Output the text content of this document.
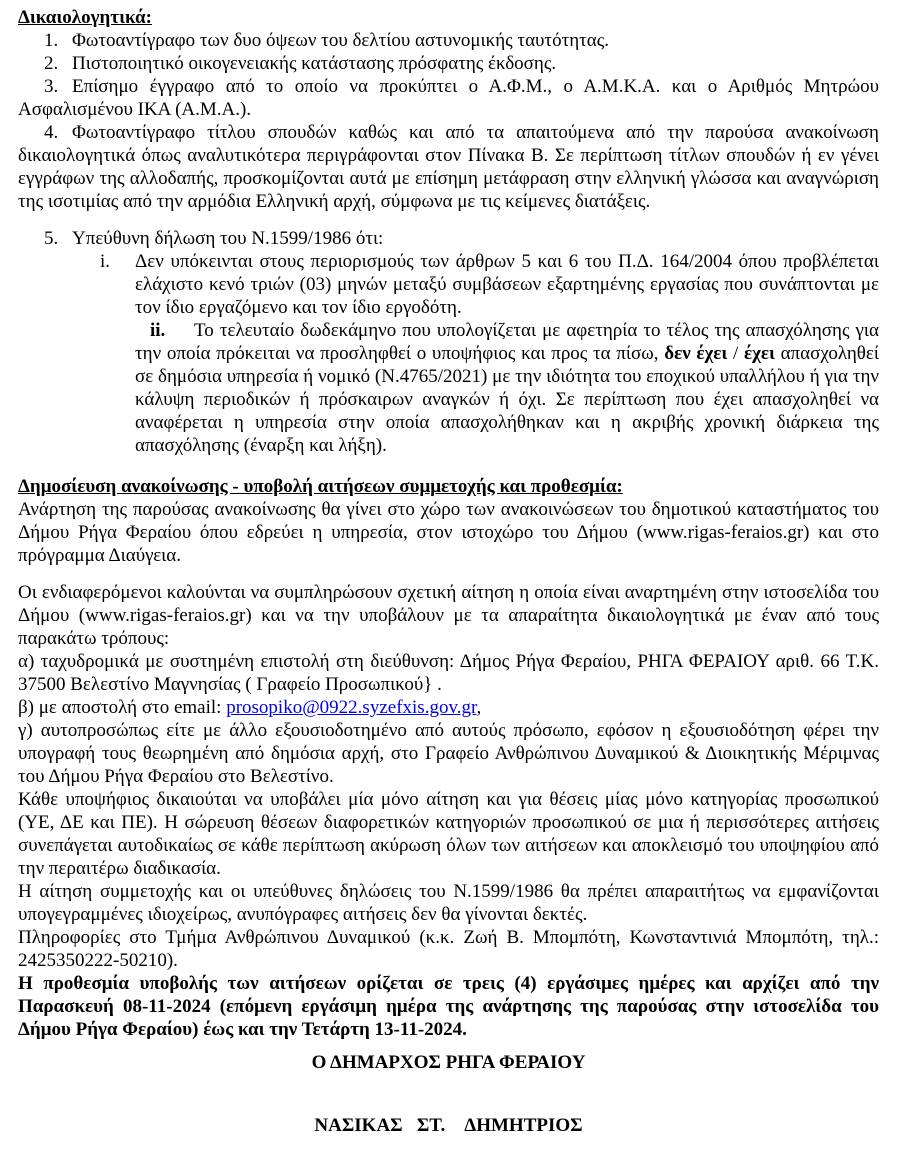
Δικαιολογητικά:

1. Φωτοαντίγραφο των δυο όψεων του δελτίου αστυνομικής ταυτότητας.

2. Πιστοποιητικό οικογενειακής κατάστασης πρόσφατης έκδοσης.

3. Επίσημο έγγραφο από το οποίο να προκύπτει ο Α.Φ.Μ., ο Α.Μ.Κ.Α. και ο Αριθμός Μητρώου Ασφαλισμένου ΙΚΑ (Α.Μ.Α.).

4. Φωτοαντίγραφο τίτλου σπουδών καθώς και από τα απαιτούμενα από την παρούσα ανακοίνωση δικαιολογητικά όπως αναλυτικότερα περιγράφονται στον Πίνακα Β. Σε περίπτωση τίτλων σπουδών ή εν γένει εγγράφων της αλλοδαπής, προσκομίζονται αυτά με επίσημη μετάφραση στην ελληνική γλώσσα και αναγνώριση της ισοτιμίας από την αρμόδια Ελληνική αρχή, σύμφωνα με τις κείμενες διατάξεις.

5. Υπεύθυνη δήλωση του Ν.1599/1986 ότι:

i. Δεν υπόκεινται στους περιορισμούς των άρθρων 5 και 6 του Π.Δ. 164/2004 όπου προβλέπεται ελάχιστο κενό τριών (03) μηνών μεταξύ συμβάσεων εξαρτημένης εργασίας που συνάπτονται με τον ίδιο εργαζόμενο και τον ίδιο εργοδότη.

ii. Το τελευταίο δωδεκάμηνο που υπολογίζεται με αφετηρία το τέλος της απασχόλησης για την οποία πρόκειται να προσληφθεί ο υποψήφιος και προς τα πίσω, δεν έχει / έχει απασχοληθεί σε δημόσια υπηρεσία ή νομικό (Ν.4765/2021) με την ιδιότητα του εποχικού υπαλλήλου ή για την κάλυψη περιοδικών ή πρόσκαιρων αναγκών ή όχι. Σε περίπτωση που έχει απασχοληθεί να αναφέρεται η υπηρεσία στην οποία απασχολήθηκαν και η ακριβής χρονική διάρκεια της απασχόλησης (έναρξη και λήξη).

Δημοσίευση ανακοίνωσης - υποβολή αιτήσεων συμμετοχής και προθεσμία:

Ανάρτηση της παρούσας ανακοίνωσης θα γίνει στο χώρο των ανακοινώσεων του δημοτικού καταστήματος του Δήμου Ρήγα Φεραίου όπου εδρεύει η υπηρεσία, στον ιστοχώρο του Δήμου (www.rigas-feraios.gr) και στο πρόγραμμα Διαύγεια.

Οι ενδιαφερόμενοι καλούνται να συμπληρώσουν σχετική αίτηση η οποία είναι αναρτημένη στην ιστοσελίδα του Δήμου (www.rigas-feraios.gr) και να την υποβάλουν με τα απαραίτητα δικαιολογητικά με έναν από τους παρακάτω τρόπους:

α) ταχυδρομικά με συστημένη επιστολή στη διεύθυνση: Δήμος Ρήγα Φεραίου, ΡΗΓΑ ΦΕΡΑΙΟΥ αριθ. 66 Τ.Κ. 37500 Βελεστίνο Μαγνησίας ( Γραφείο Προσωπικού} .

β) με αποστολή στο email: prosopiko@0922.syzefxis.gov.gr,

γ) αυτοπροσώπως είτε με άλλο εξουσιοδοτημένο από αυτούς πρόσωπο, εφόσον η εξουσιοδότηση φέρει την υπογραφή τους θεωρημένη από δημόσια αρχή, στο Γραφείο Ανθρώπινου Δυναμικού & Διοικητικής Μέριμνας του Δήμου Ρήγα Φεραίου στο Βελεστίνο.

Κάθε υποψήφιος δικαιούται να υποβάλει μία μόνο αίτηση και για θέσεις μίας μόνο κατηγορίας προσωπικού (ΥΕ, ΔΕ και ΠΕ). Η σώρευση θέσεων διαφορετικών κατηγοριών προσωπικού σε μια ή περισσότερες αιτήσεις συνεπάγεται αυτοδικαίως σε κάθε περίπτωση ακύρωση όλων των αιτήσεων και αποκλεισμό του υποψηφίου από την περαιτέρω διαδικασία.

Η αίτηση συμμετοχής και οι υπεύθυνες δηλώσεις του Ν.1599/1986 θα πρέπει απαραιτήτως να εμφανίζονται υπογεγραμμένες ιδιοχείρως, ανυπόγραφες αιτήσεις δεν θα γίνονται δεκτές.

Πληροφορίες στο Τμήμα Ανθρώπινου Δυναμικού (κ.κ. Ζωή Β. Μπομπότη, Κωνσταντινιά Μπομπότη, τηλ.: 2425350222-50210).

Η προθεσμία υποβολής των αιτήσεων ορίζεται σε τρεις (4) εργάσιμες ημέρες και αρχίζει από την Παρασκευή 08-11-2024 (επόμενη εργάσιμη ημέρα της ανάρτησης της παρούσας στην ιστοσελίδα του Δήμου Ρήγα Φεραίου) έως και την Τετάρτη 13-11-2024.

Ο ΔΗΜΑΡΧΟΣ ΡΗΓΑ ΦΕΡΑΙΟΥ

ΝΑΣΙΚΑΣ   ΣΤ.    ΔΗΜΗΤΡΙΟΣ
